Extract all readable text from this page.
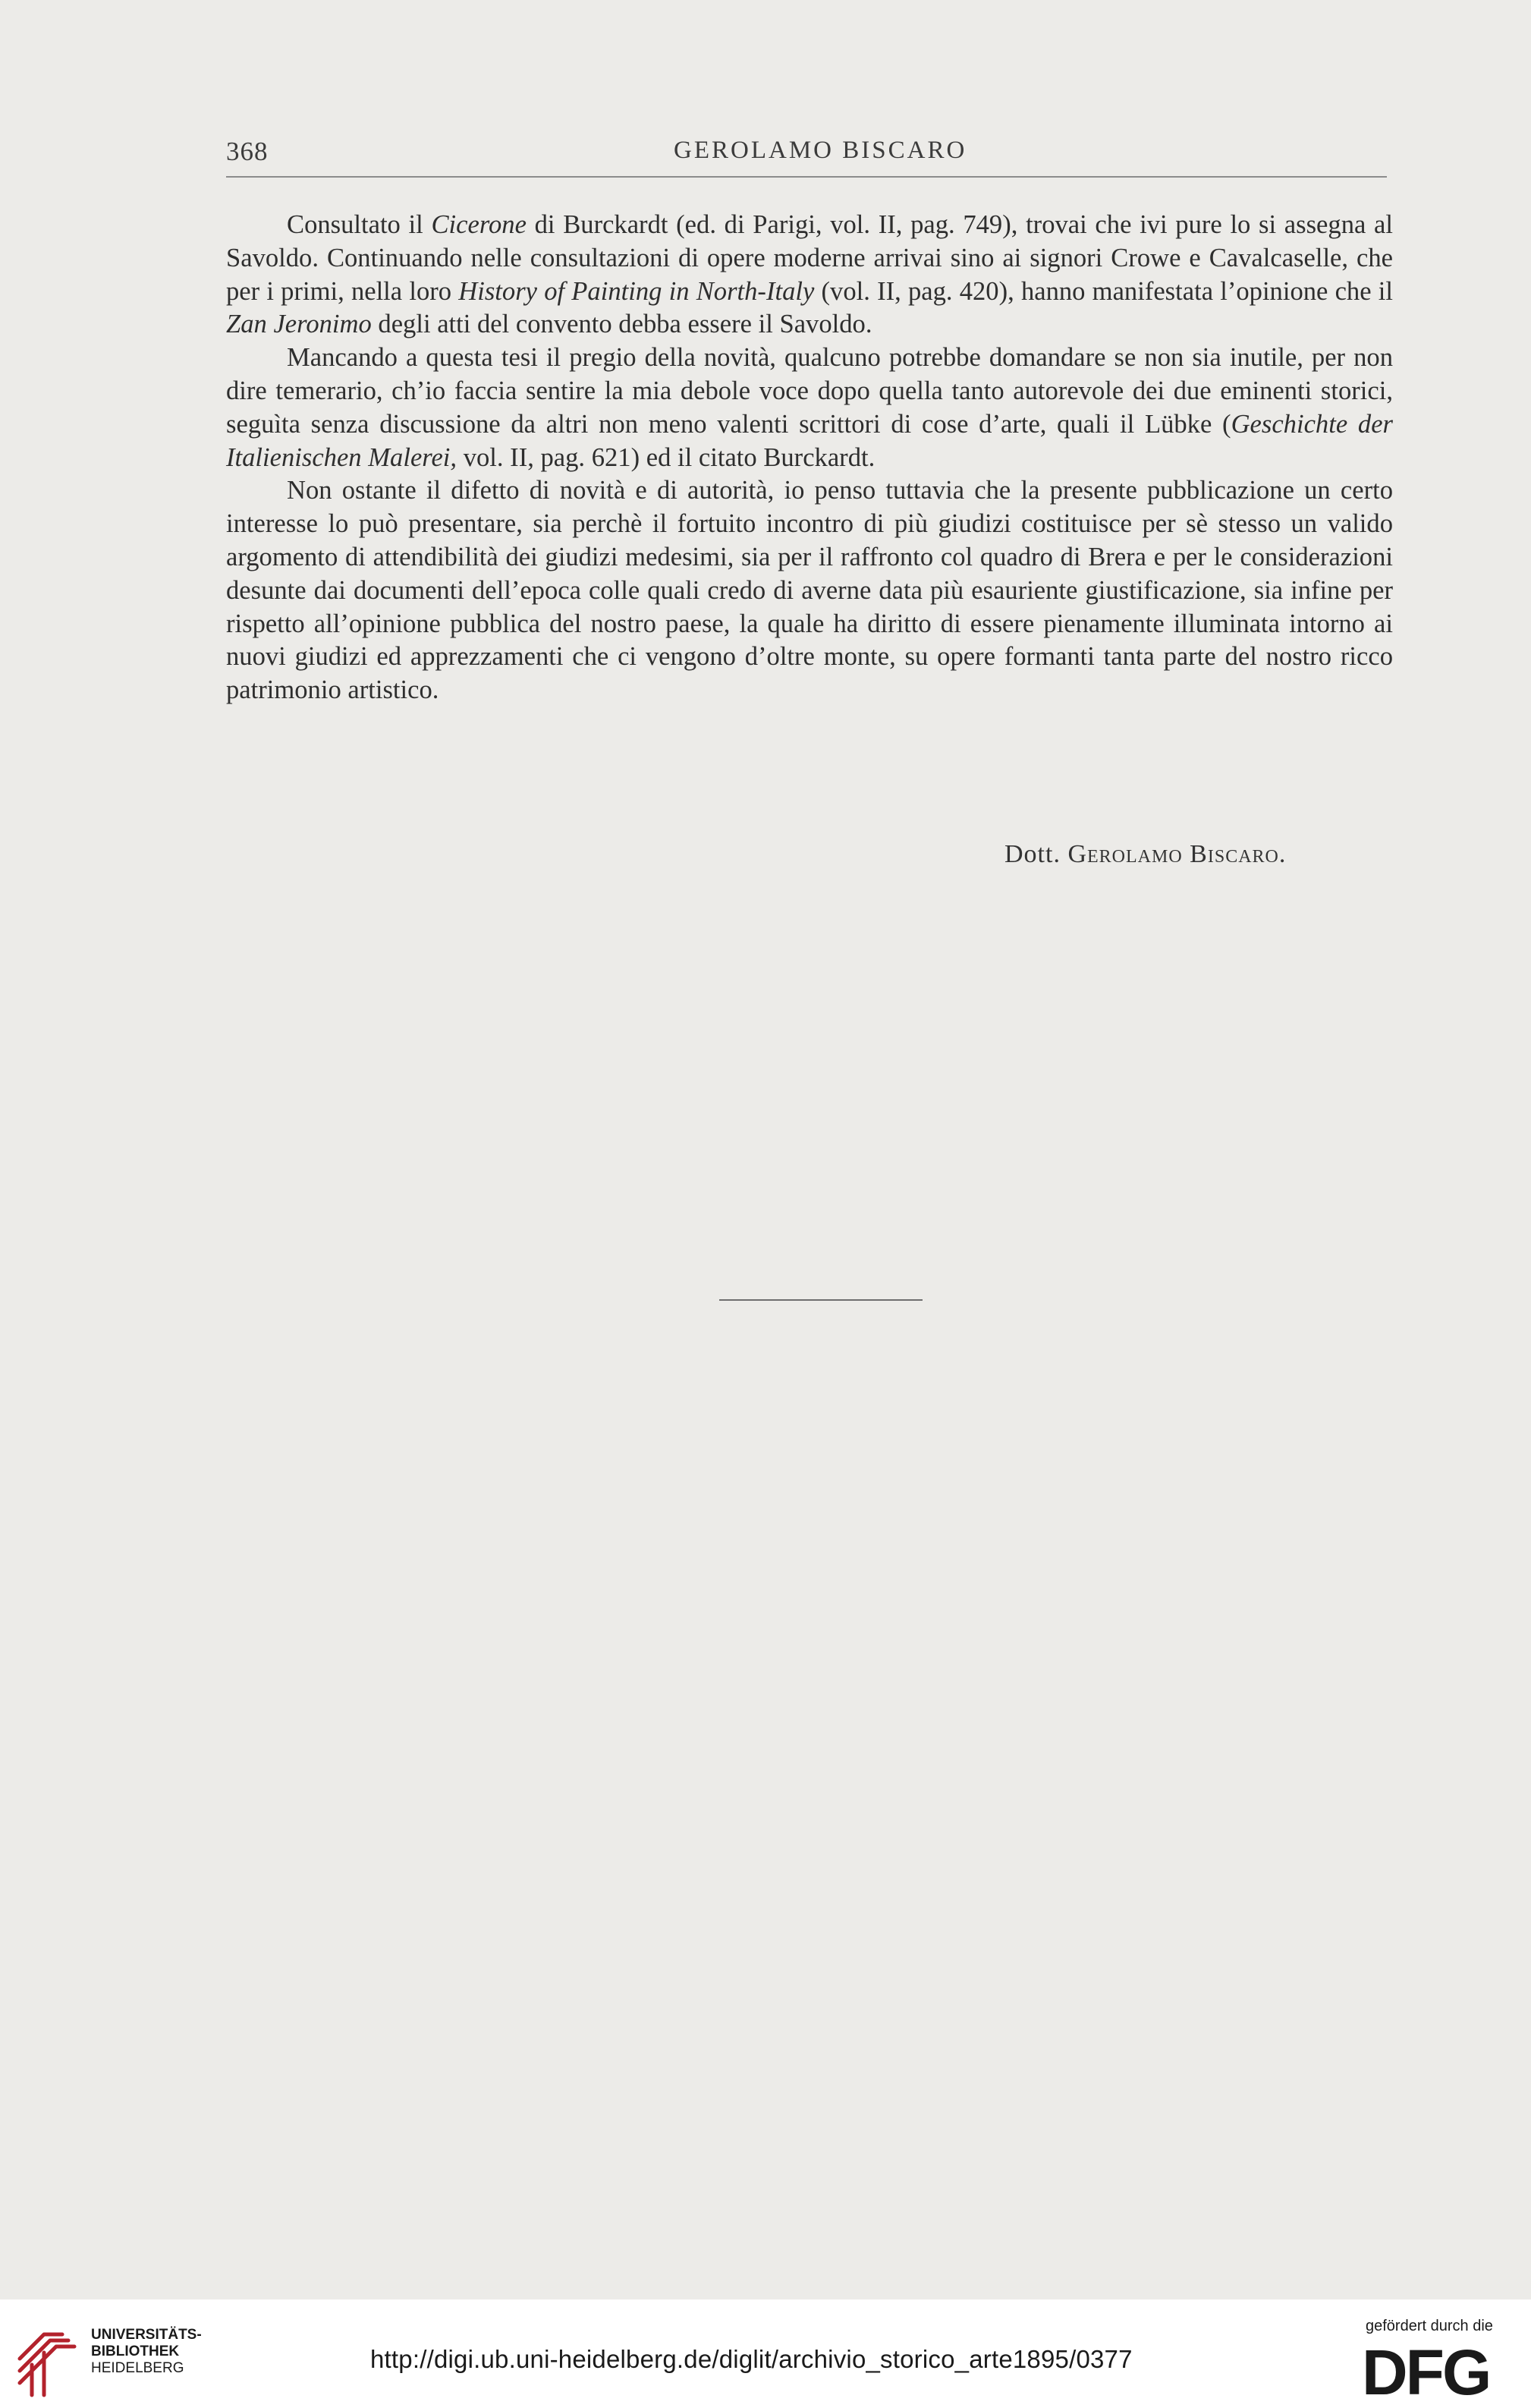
368	GEROLAMO BISCARO

Consultato il Cicerone di Burckardt (ed. di Parigi, vol. II, pag. 749), trovai che ivi pure lo si assegna al Savoldo. Continuando nelle consultazioni di opere moderne arrivai sino ai signori Crowe e Cavalcaselle, che per i primi, nella loro History of Painting in North-Italy (vol. II, pag. 420), hanno manifestata l’opinione che il Zan Jeronimo degli atti del convento debba essere il Savoldo.

Mancando a questa tesi il pregio della novità, qualcuno potrebbe domandare se non sia inutile, per non dire temerario, ch’io faccia sentire la mia debole voce dopo quella tanto autorevole dei due eminenti storici, seguìta senza discussione da altri non meno valenti scrittori di cose d’arte, quali il Lübke (Geschichte der Italienischen Malerei, vol. II, pag. 621) ed il citato Burckardt.

Non ostante il difetto di novità e di autorità, io penso tuttavia che la presente pubblicazione un certo interesse lo può presentare, sia perchè il fortuito incontro di più giudizi costituisce per sè stesso un valido argomento di attendibilità dei giudizi medesimi, sia per il raffronto col quadro di Brera e per le considerazioni desunte dai documenti dell’epoca colle quali credo di averne data più esauriente giustificazione, sia infine per rispetto all’opinione pubblica del nostro paese, la quale ha diritto di essere pienamente illuminata intorno ai nuovi giudizi ed apprezzamenti che ci vengono d’oltre monte, su opere formanti tanta parte del nostro ricco patrimonio artistico.

Dott. Gerolamo Biscaro.
UNIVERSITÄTS-
BIBLIOTHEK
HEIDELBERG	http://digi.ub.uni-heidelberg.de/diglit/archivio_storico_arte1895/0377
gefördert durch die
DFG
